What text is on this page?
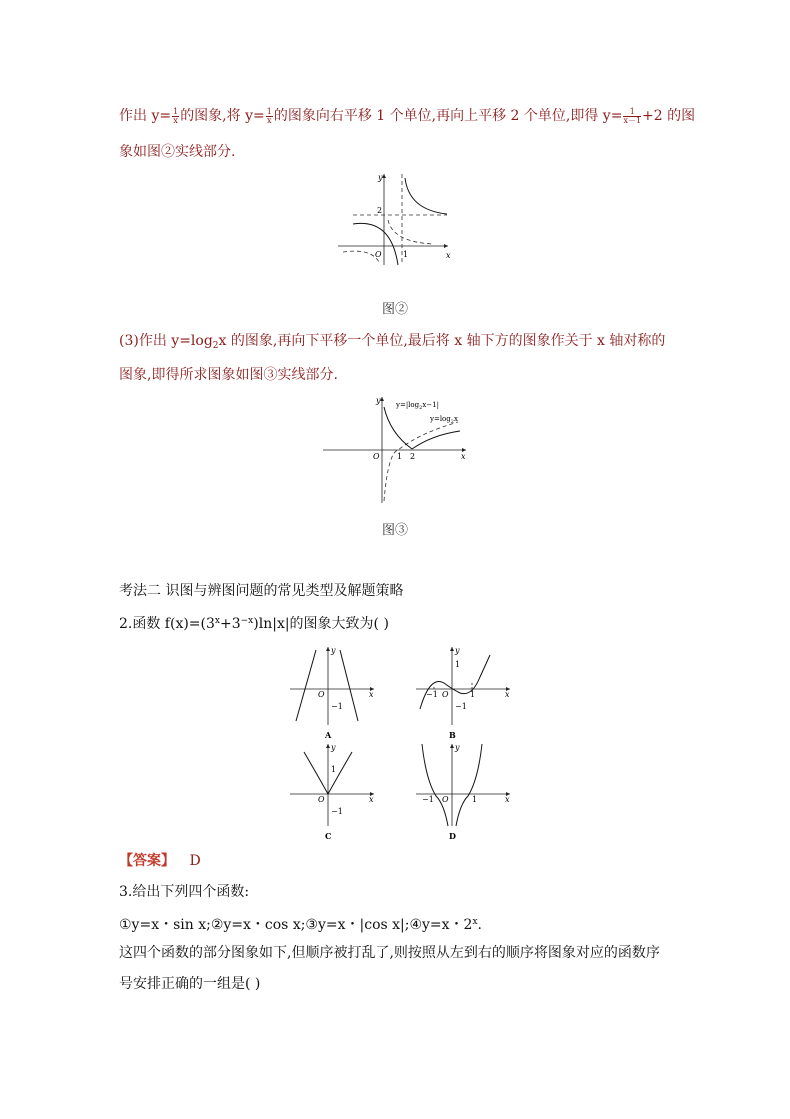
作出 $y= \frac{1}{x}$ 的图象,将 $y= \frac{1}{x}$ 的图象向右平移 1 个单位,再向上平移 2 个单位,即得 $y= \frac{1}{x-1} +2$ 的图
象如图②实线部分.
y
x
O
2
1
图②
(3)作出 $y=\log_2x$ 的图象,再向下平移一个单位,最后将 x 轴下方的图象作关于 x 轴对称的
图象,即得所求图象如图③实线部分.
y
x
O 1 2
$y=|\log_2x-1|$
$y=\log_2x$
图③
考法二 识图与辨图问题的常见类型及解题策略
2.函数 $f(x)=(3^x+3^{-x})\ln|x|$的图象大致为( )
y
x
O
−1
A
y
x
O
1
−1
−1	1
B
y
x
O
1
−1
C
y
x
O
−1	1
D
【答案】 D
3.给出下列四个函数:
①y=x・sin x;②y=x・cos x;③y=x・|cos x|;④y=x・2$^x$.
这四个函数的部分图象如下,但顺序被打乱了,则按照从左到右的顺序将图象对应的函数序
号安排正确的一组是( )
